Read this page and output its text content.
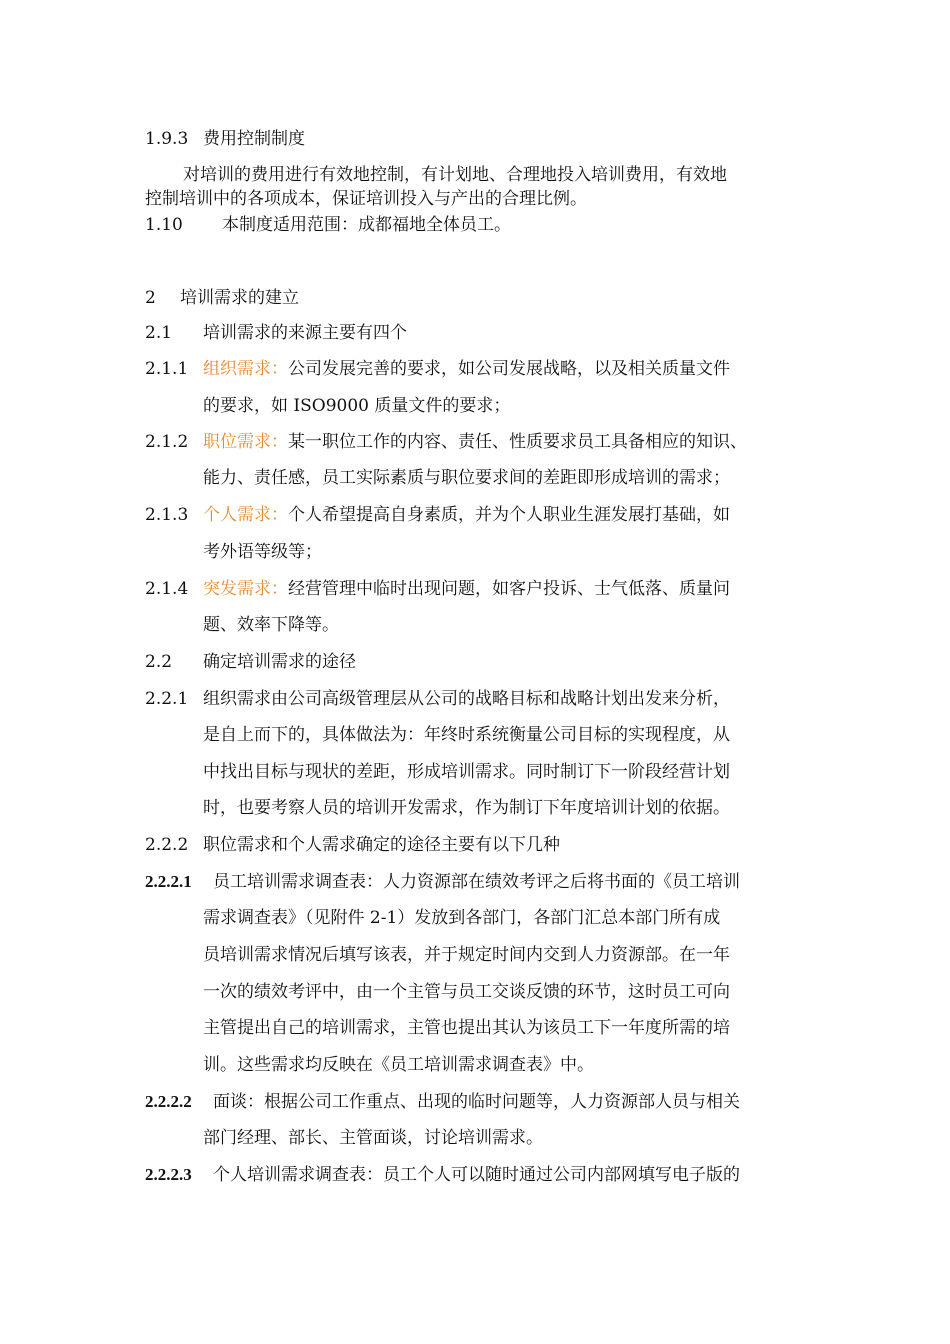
1.9.3 费用控制制度
对培训的费用进行有效地控制，有计划地、合理地投入培训费用，有效地
控制培训中的各项成本，保证培训投入与产出的合理比例。
1.10 本制度适用范围：成都福地全体员工。
2 培训需求的建立
2.1 培训需求的来源主要有四个
2.1.1 组织需求：公司发展完善的要求，如公司发展战略，以及相关质量文件
的要求，如 ISO9000 质量文件的要求；
2.1.2 职位需求：某一职位工作的内容、责任、性质要求员工具备相应的知识、
能力、责任感，员工实际素质与职位要求间的差距即形成培训的需求；
2.1.3 个人需求：个人希望提高自身素质，并为个人职业生涯发展打基础，如
考外语等级等；
2.1.4 突发需求：经营管理中临时出现问题，如客户投诉、士气低落、质量问
题、效率下降等。
2.2 确定培训需求的途径
2.2.1 组织需求由公司高级管理层从公司的战略目标和战略计划出发来分析，
是自上而下的，具体做法为：年终时系统衡量公司目标的实现程度，从
中找出目标与现状的差距，形成培训需求。同时制订下一阶段经营计划
时，也要考察人员的培训开发需求，作为制订下年度培训计划的依据。
2.2.2 职位需求和个人需求确定的途径主要有以下几种
2.2.2.1 员工培训需求调查表：人力资源部在绩效考评之后将书面的《员工培训
需求调查表》（见附件 2-1）发放到各部门，各部门汇总本部门所有成
员培训需求情况后填写该表，并于规定时间内交到人力资源部。在一年
一次的绩效考评中，由一个主管与员工交谈反馈的环节，这时员工可向
主管提出自己的培训需求，主管也提出其认为该员工下一年度所需的培
训。这些需求均反映在《员工培训需求调查表》中。
2.2.2.2 面谈：根据公司工作重点、出现的临时问题等，人力资源部人员与相关
部门经理、部长、主管面谈，讨论培训需求。
2.2.2.3 个人培训需求调查表：员工个人可以随时通过公司内部网填写电子版的
